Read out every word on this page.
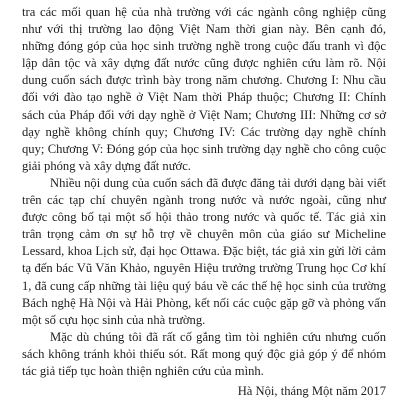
tra các mối quan hệ của nhà trường với các ngành công nghiệp cũng như với thị trường lao động Việt Nam thời gian này. Bên cạnh đó, những đóng góp của học sinh trường nghề trong cuộc đấu tranh vì độc lập dân tộc và xây dựng đất nước cũng được nghiên cứu làm rõ. Nội dung cuốn sách được trình bày trong năm chương. Chương I: Nhu cầu đối với đào tạo nghề ở Việt Nam thời Pháp thuộc; Chương II: Chính sách của Pháp đối với dạy nghề ở Việt Nam; Chương III: Những cơ sở dạy nghề không chính quy; Chương IV: Các trường dạy nghề chính quy; Chương V: Đóng góp của học sinh trường dạy nghề cho công cuộc giải phóng và xây dựng đất nước.

Nhiều nội dung của cuốn sách đã được đăng tải dưới dạng bài viết trên các tạp chí chuyên ngành trong nước và nước ngoài, cũng như được công bố tại một số hội thảo trong nước và quốc tế. Tác giả xin trân trọng cảm ơn sự hỗ trợ về chuyên môn của giáo sư Micheline Lessard, khoa Lịch sử, đại học Ottawa. Đặc biệt, tác giả xin gửi lời cảm tạ đến bác Vũ Văn Khảo, nguyên Hiệu trưởng trường Trung học Cơ khí 1, đã cung cấp những tài liệu quý báu về các thế hệ học sinh của trường Bách nghệ Hà Nội và Hải Phòng, kết nối các cuộc gặp gỡ và phỏng vấn một số cựu học sinh của nhà trường.

Mặc dù chúng tôi đã rất cố gắng tìm tòi nghiên cứu nhưng cuốn sách không tránh khỏi thiếu sót. Rất mong quý độc giả góp ý để nhóm tác giả tiếp tục hoàn thiện nghiên cứu của mình.

Hà Nội, tháng Một năm 2017
